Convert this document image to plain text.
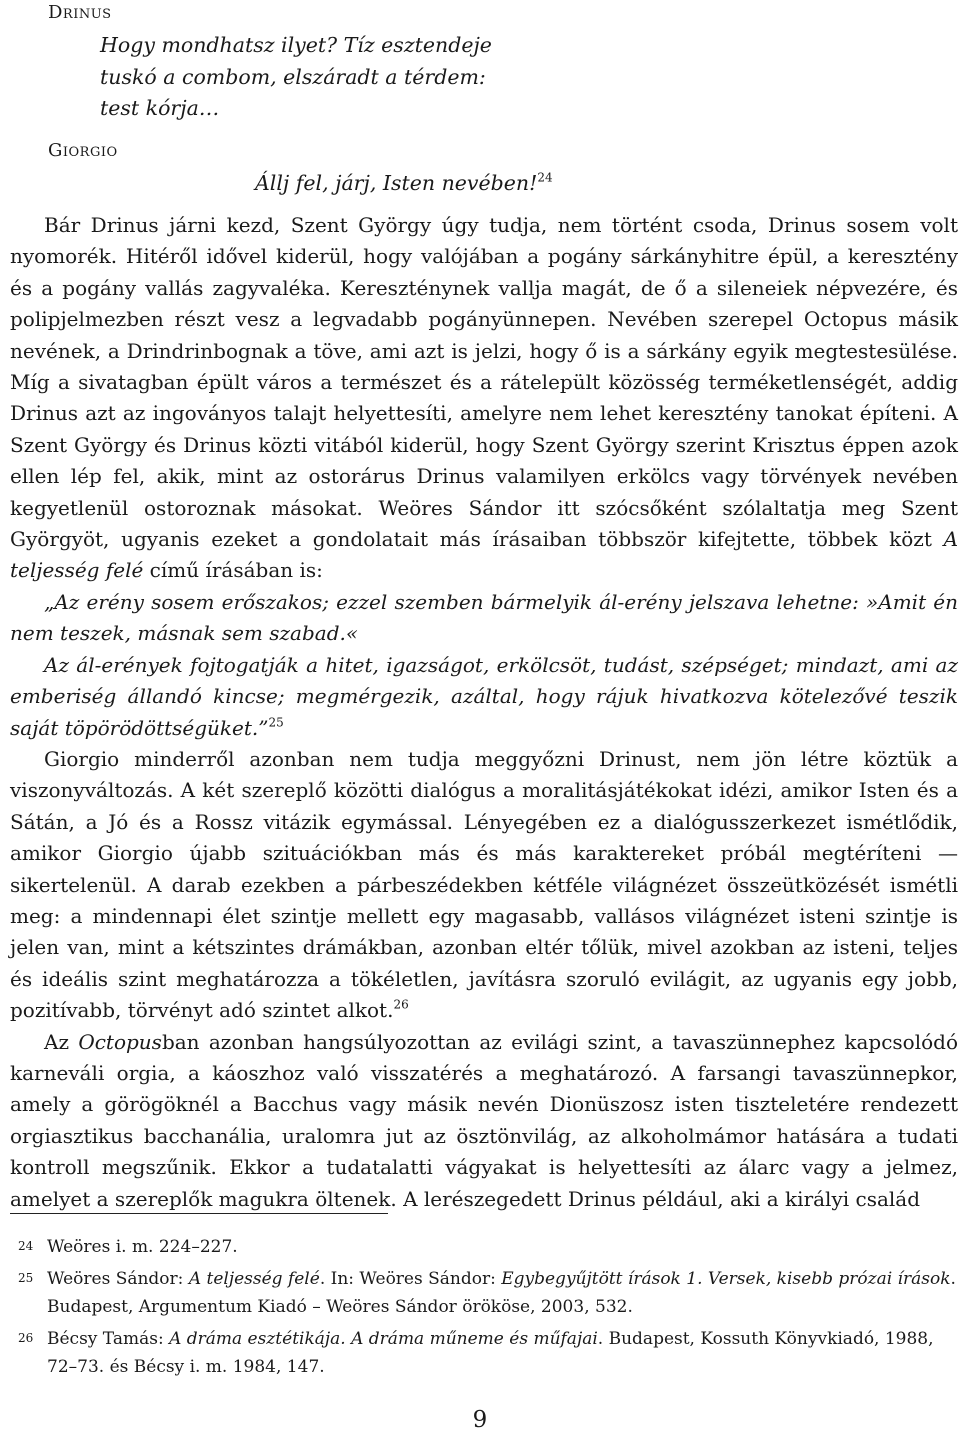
Drinus
Hogy mondhatsz ilyet? Tíz esztendeje
tuskó a combom, elszáradt a térdem:
test kórja…
Giorgio
Állj fel, járj, Isten nevében!$^{24}$

Bár Drinus járni kezd, Szent György úgy tudja, nem történt csoda, Drinus sosem volt nyomorék. Hitéről idővel kiderül, hogy valójában a pogány sárkányhitre épül, a keresztény és a pogány vallás zagyvaléka. Kereszténynek vallja magát, de ő a sileneiek népvezére, és polipjelmezben részt vesz a legvadabb pogányünnepen. Nevében szerepel Octopus másik nevének, a Drindrinbognak a töve, ami azt is jelzi, hogy ő is a sárkány egyik megtestesülése. Míg a sivatagban épült város a természet és a rátelepült közösség terméketlenségét, addig Drinus azt az ingoványos talajt helyettesíti, amelyre nem lehet keresztény tanokat építeni. A Szent György és Drinus közti vitából kiderül, hogy Szent György szerint Krisztus éppen azok ellen lép fel, akik, mint az ostorárus Drinus valamilyen erkölcs vagy törvények nevében kegyetlenül ostoroznak másokat. Weöres Sándor itt szócsőként szólaltatja meg Szent Györgyöt, ugyanis ezeket a gondolatait más írásaiban többször kifejtette, többek közt A teljesség felé című írásában is:

„Az erény sosem erőszakos; ezzel szemben bármelyik ál-erény jelszava lehetne: »Amit én nem teszek, másnak sem szabad.«

Az ál-erények fojtogatják a hitet, igazságot, erkölcsöt, tudást, szépséget; mindazt, ami az emberiség állandó kincse; megmérgezik, azáltal, hogy rájuk hivatkozva kötelezővé teszik saját töpörödöttségüket.”$^{25}$

Giorgio minderről azonban nem tudja meggyőzni Drinust, nem jön létre köztük a viszonyváltozás. A két szereplő közötti dialógus a moralitásjátékokat idézi, amikor Isten és a Sátán, a Jó és a Rossz vitázik egymással. Lényegében ez a dialógusszerkezet ismétlődik, amikor Giorgio újabb szituációkban más és más karaktereket próbál megtéríteni — sikertelenül. A darab ezekben a párbeszédekben kétféle világnézet összeütközését ismétli meg: a mindennapi élet szintje mellett egy magasabb, vallásos világnézet isteni szintje is jelen van, mint a kétszintes drámákban, azonban eltér tőlük, mivel azokban az isteni, teljes és ideális szint meghatározza a tökéletlen, javításra szoruló evilágit, az ugyanis egy jobb, pozitívabb, törvényt adó szintet alkot.$^{26}$

Az Octopusban azonban hangsúlyozottan az evilági szint, a tavaszünnephez kapcsolódó karneváli orgia, a káoszhoz való visszatérés a meghatározó. A farsangi tavaszünnepkor, amely a görögöknél a Bacchus vagy másik nevén Dionüszosz isten tiszteletére rendezett orgiasztikus bacchanália, uralomra jut az ösztönvilág, az alkoholmámor hatására a tudati kontroll megszűnik. Ekkor a tudatalatti vágyakat is helyettesíti az álarc vagy a jelmez, amelyet a szereplők magukra öltenek. A lerészegedett Drinus például, aki a királyi család

24 Weöres i. m. 224–227.
25 Weöres Sándor: A teljesség felé. In: Weöres Sándor: Egybegyűjtött írások 1. Versek, kisebb prózai írások. Budapest, Argumentum Kiadó – Weöres Sándor örököse, 2003, 532.
26 Bécsy Tamás: A dráma esztétikája. A dráma műneme és műfajai. Budapest, Kossuth Könyvkiadó, 1988, 72–73. és Bécsy i. m. 1984, 147.
9
